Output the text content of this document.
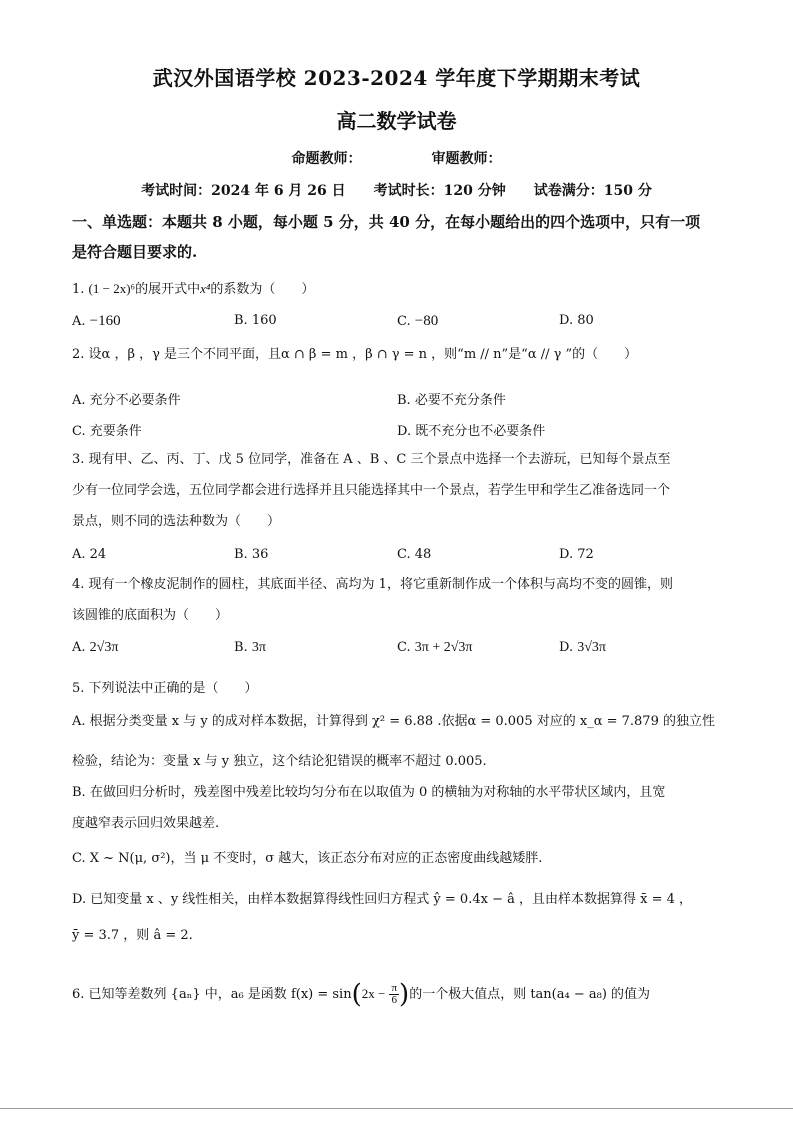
武汉外国语学校 2023-2024 学年度下学期期末考试
高二数学试卷
命题教师：	审题教师：
考试时间：2024 年 6 月 26 日 考试时长：120 分钟 试卷满分：150 分
一、单选题：本题共 8 小题，每小题 5 分，共 40 分，在每小题给出的四个选项中，只有一项
是符合题目要求的.
1. (1 − 2x)⁶的展开式中x⁴的系数为（　　）
A. −160	B. 160	C. −80	D. 80
2. 设α ，β ，γ 是三个不同平面，且α ∩ β = m ，β ∩ γ = n ，则“m // n”是“α // γ ”的（　　）
A. 充分不必要条件	B. 必要不充分条件
C. 充要条件	D. 既不充分也不必要条件
3. 现有甲、乙、丙、丁、戊 5 位同学，准备在 A 、B 、C 三个景点中选择一个去游玩，已知每个景点至
少有一位同学会选，五位同学都会进行选择并且只能选择其中一个景点，若学生甲和学生乙准备选同一个
景点，则不同的选法种数为（　　）
A. 24	B. 36	C. 48	D. 72
4. 现有一个橡皮泥制作的圆柱，其底面半径、高均为 1，将它重新制作成一个体积与高均不变的圆锥，则
该圆锥的底面积为（　　）
A. 2√3π	B. 3π	C. 3π + 2√3π	D. 3√3π
5. 下列说法中正确的是（　　）
A. 根据分类变量 x 与 y 的成对样本数据，计算得到 χ² = 6.88 .依据α = 0.005 对应的 x_α = 7.879 的独立性
检验，结论为：变量 x 与 y 独立，这个结论犯错误的概率不超过 0.005.
B. 在做回归分析时，残差图中残差比较均匀分布在以取值为 0 的横轴为对称轴的水平带状区域内，且宽
度越窄表示回归效果越差.
C. X ~ N(μ, σ²)，当 μ 不变时，σ 越大，该正态分布对应的正态密度曲线越矮胖.
D. 已知变量 x 、y 线性相关，由样本数据算得线性回归方程式 ŷ = 0.4x − â ，且由样本数据算得 x̄ = 4 ，
ȳ = 3.7 ，则 â = 2.
6. 已知等差数列 {aₙ} 中，a₆ 是函数 $f(x) = \sin(2x - \frac{\pi}{6}$ )的一个极大值点，则 tan(a₄ − a₈) 的值为
